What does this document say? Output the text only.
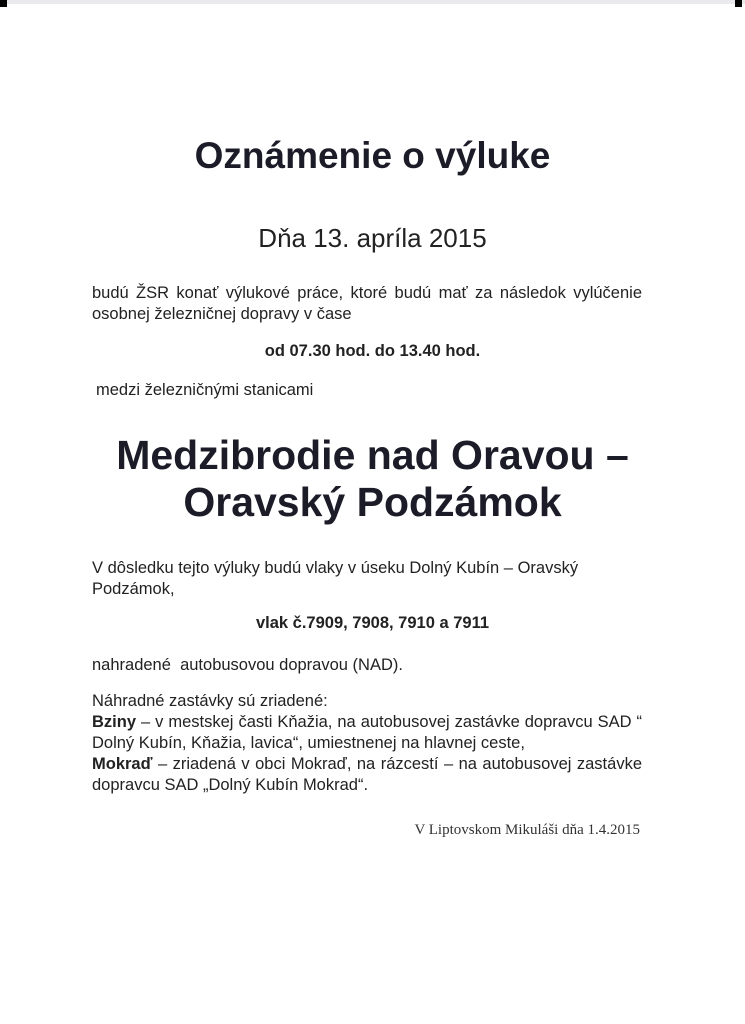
Oznámenie o výluke
Dňa 13. apríla 2015
budú ŽSR konať výlukové práce, ktoré budú mať za následok vylúčenie osobnej železničnej dopravy v čase
od 07.30 hod. do 13.40 hod.
medzi železničnými stanicami
Medzibrodie nad Oravou –
Oravský Podzámok
V dôsledku tejto výluky budú vlaky v úseku Dolný Kubín – Oravský Podzámok,
vlak č.7909, 7908, 7910 a 7911
nahradené  autobusovou dopravou (NAD).
Náhradné zastávky sú zriadené:
Bziny – v mestskej časti Kňažia, na autobusovej zastávke dopravcu SAD “ Dolný Kubín, Kňažia, lavica“, umiestnenej na hlavnej ceste,
Mokraď – zriadená v obci Mokraď, na rázcestí – na autobusovej zastávke dopravcu SAD „Dolný Kubín Mokrad“.
V Liptovskom Mikuláši dňa 1.4.2015
